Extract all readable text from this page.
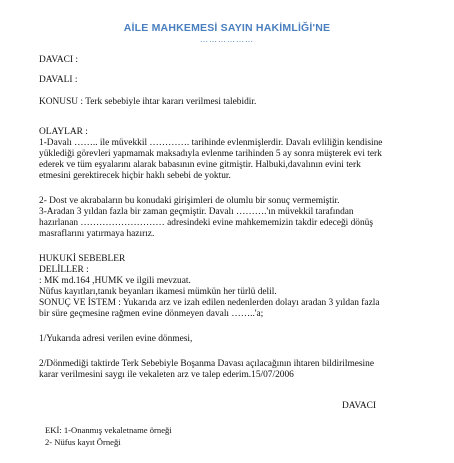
AİLE MAHKEMESİ SAYIN HAKİMLİĞİ'NE
………………
DAVACI :
DAVALI :
KONUSU : Terk sebebiyle ihtar kararı verilmesi talebidir.
OLAYLAR :
1-Davalı …….. ile müvekkil …………. tarihinde evlenmişlerdir. Davalı evliliğin kendisine
yüklediği görevleri yapmamak maksadıyla evlenme tarihinden 5 ay sonra müşterek evi terk
ederek ve tüm eşyalarını alarak babasının evine gitmiştir. Halbuki,davalının evini terk
etmesini gerektirecek hiçbir haklı sebebi de yoktur.
2- Dost ve akrabaların bu konudaki girişimleri de olumlu bir sonuç vermemiştir.
3-Aradan 3 yıldan fazla bir zaman geçmiştir. Davalı ……….'ın müvekkil tarafından
hazırlanan ……………………… adresindeki evine mahkememizin takdir edeceği dönüş
masraflarını yatırmaya hazırız.
HUKUKİ SEBEBLER
DELİLLER :
: MK md.164 ,HUMK ve ilgili mevzuat.
Nüfus kayıtları,tanık beyanları ikamesi mümkün her türlü delil.
SONUÇ VE İSTEM : Yukarıda arz ve izah edilen nedenlerden dolayı aradan 3 yıldan fazla
bir süre geçmesine rağmen evine dönmeyen davalı ……..'a;
1/Yukarıda adresi verilen evine dönmesi,
2/Dönmediği taktirde Terk Sebebiyle Boşanma Davası açılacağının ihtaren bildirilmesine
karar verilmesini saygı ile vekaleten arz ve talep ederim.15/07/2006
DAVACI
EKİ: 1-Onanmış vekaletname örneği
2- Nüfus kayıt Örneği
